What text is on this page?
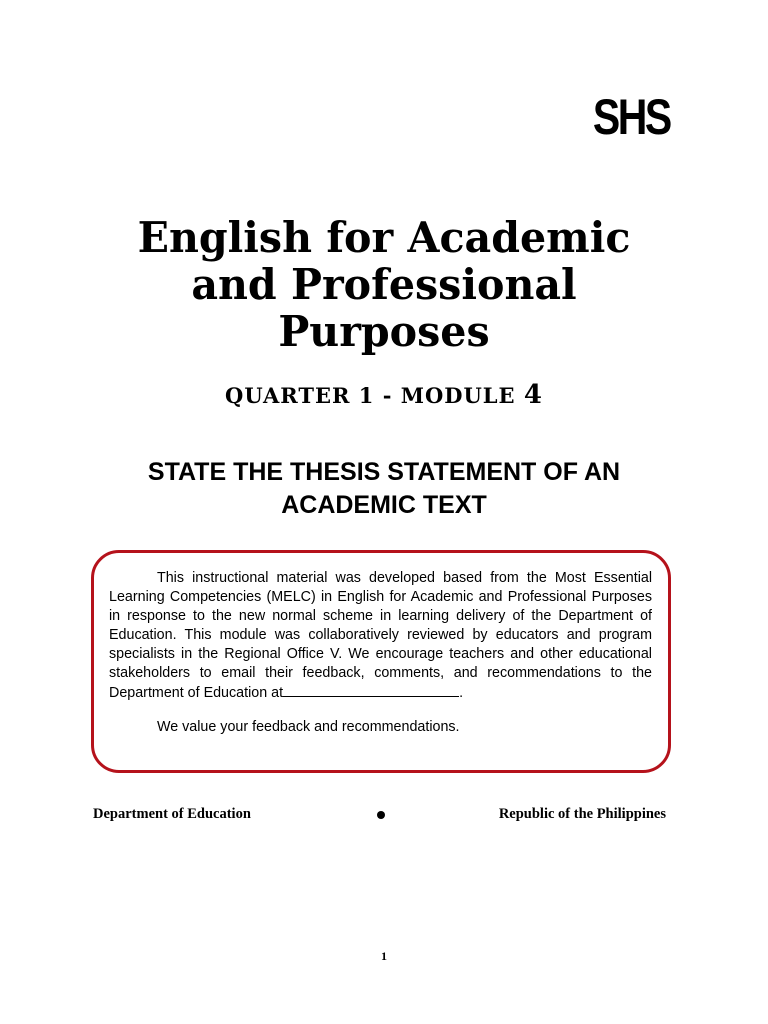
SHS
English for Academic
and Professional
Purposes
QUARTER 1 - MODULE 4
STATE THE THESIS STATEMENT OF AN
ACADEMIC TEXT

This instructional material was developed based from the Most Essential Learning Competencies (MELC) in English for Academic and Professional Purposes in response to the new normal scheme in learning delivery of the Department of Education. This module was collaboratively reviewed by educators and program specialists in the Regional Office V. We encourage teachers and other educational stakeholders to email their feedback, comments, and recommendations to the Department of Education at	.

We value your feedback and recommendations.

Department of Education	Republic of the Philippines
1
